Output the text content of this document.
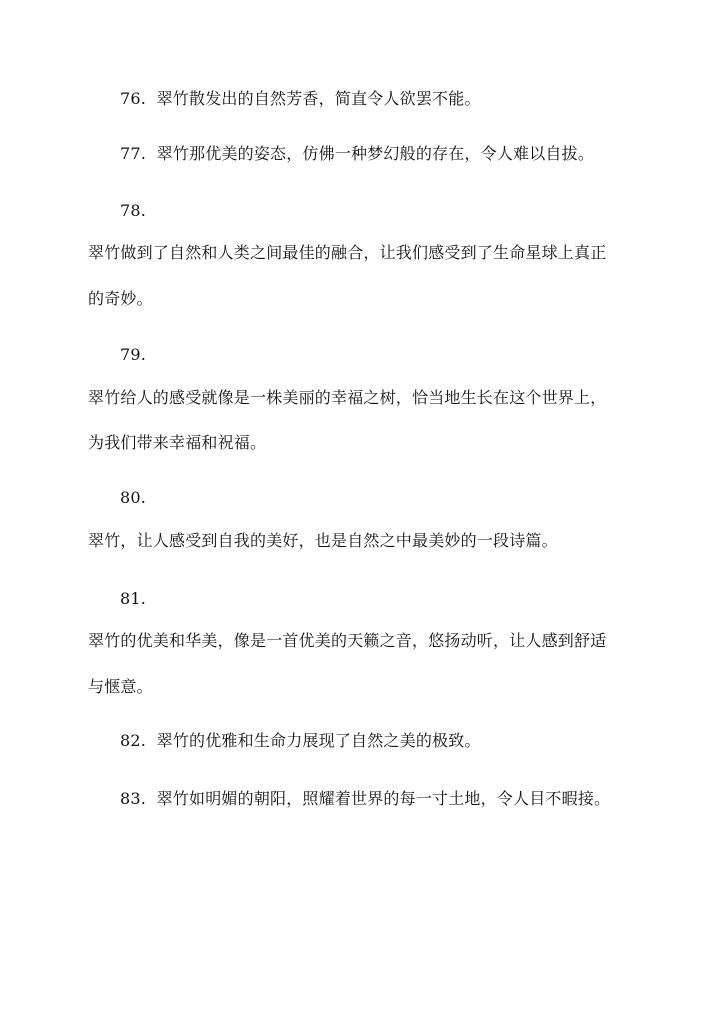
76. 翠竹散发出的自然芳香，简直令人欲罢不能。
77. 翠竹那优美的姿态，仿佛一种梦幻般的存在，令人难以自拔。
78.
翠竹做到了自然和人类之间最佳的融合，让我们感受到了生命星球上真正
的奇妙。
79.
翠竹给人的感受就像是一株美丽的幸福之树，恰当地生长在这个世界上，
为我们带来幸福和祝福。
80.
翠竹，让人感受到自我的美好，也是自然之中最美妙的一段诗篇。
81.
翠竹的优美和华美，像是一首优美的天籁之音，悠扬动听，让人感到舒适
与惬意。
82. 翠竹的优雅和生命力展现了自然之美的极致。
83. 翠竹如明媚的朝阳，照耀着世界的每一寸土地，令人目不暇接。
